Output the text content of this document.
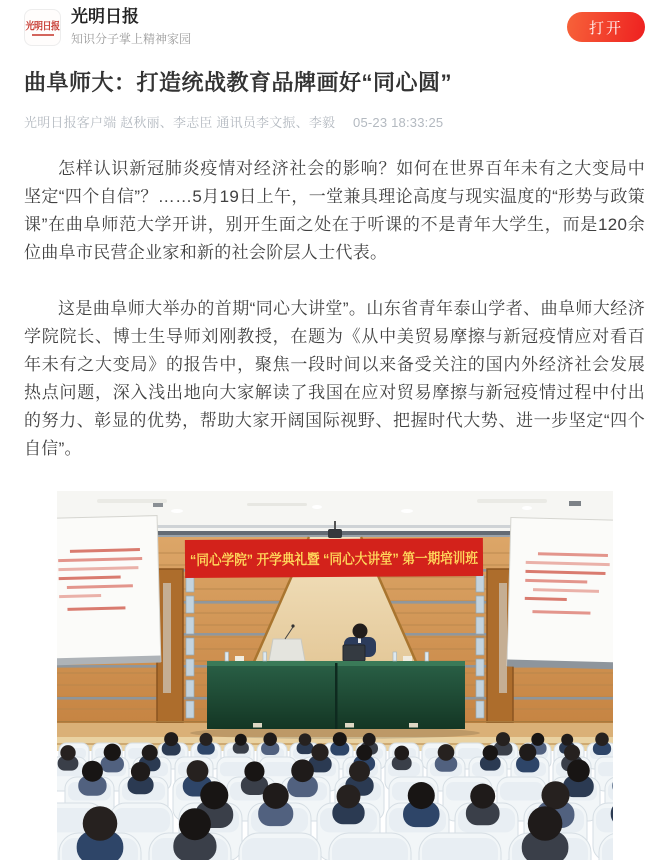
光明日报 光明日报
知识分子掌上精神家园
打开
曲阜师大：打造统战教育品牌画好“同心圆”
光明日报客户端 赵秋丽、李志臣 通讯员李文振、李毅 05-23 18:33:25

怎样认识新冠肺炎疫情对经济社会的影响？如何在世界百年未有之大变局中坚定“四个自信”？……5月19日上午，一堂兼具理论高度与现实温度的“形势与政策课”在曲阜师范大学开讲，别开生面之处在于听课的不是青年大学生，而是120余位曲阜市民营企业家和新的社会阶层人士代表。

这是曲阜师大举办的首期“同心大讲堂”。山东省青年泰山学者、曲阜师大经济学院院长、博士生导师刘刚教授，在题为《从中美贸易摩擦与新冠疫情应对看百年未有之大变局》的报告中，聚焦一段时间以来备受关注的国内外经济社会发展热点问题，深入浅出地向大家解读了我国在应对贸易摩擦与新冠疫情过程中付出的努力、彰显的优势，帮助大家开阔国际视野、把握时代大势、进一步坚定“四个自信”。

“同心学院” 开学典礼暨 “同心大讲堂” 第一期培训班
